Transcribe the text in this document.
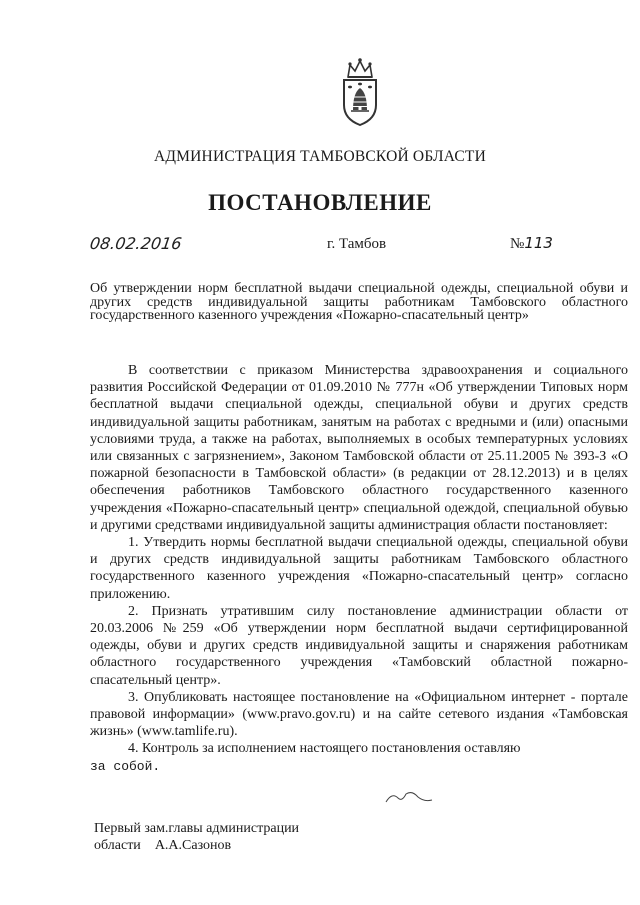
АДМИНИСТРАЦИЯ ТАМБОВСКОЙ ОБЛАСТИ
ПОСТАНОВЛЕНИЕ
08.02.2016	г. Тамбов	№113
Об утверждении норм бесплатной выдачи специальной одежды, специальной обуви и других средств индивидуальной защиты работникам Тамбовского областного государственного казенного учреждения «Пожарно-спасательный центр»

В соответствии с приказом Министерства здравоохранения и социального развития Российской Федерации от 01.09.2010 № 777н «Об утверждении Типовых норм бесплатной выдачи специальной одежды, специальной обуви и других средств индивидуальной защиты работникам, занятым на работах с вредными и (или) опасными условиями труда, а также на работах, выполняемых в особых температурных условиях или связанных с загрязнением», Законом Тамбовской области от 25.11.2005 № 393-З «О пожарной безопасности в Тамбовской области» (в редакции от 28.12.2013) и в целях обеспечения работников Тамбовского областного государственного казенного учреждения «Пожарно-спасательный центр» специальной одеждой, специальной обувью и другими средствами индивидуальной защиты администрация области постановляет:

1. Утвердить нормы бесплатной выдачи специальной одежды, специальной обуви и других средств индивидуальной защиты работникам Тамбовского областного государственного казенного учреждения «Пожарно-спасательный центр» согласно приложению.

2. Признать утратившим силу постановление администрации области от 20.03.2006 №259 «Об утверждении норм бесплатной выдачи сертифицированной одежды, обуви и других средств индивидуальной защиты и снаряжения работникам областного государственного учреждения «Тамбовский областной пожарно-спасательный центр».

3. Опубликовать настоящее постановление на «Официальном интернет - портале правовой информации» (www.pravo.gov.ru) и на сайте сетевого издания «Тамбовская жизнь» (www.tamlife.ru).

4. Контроль за исполнением настоящего постановления оставляю

за собой.

Первый зам.главы администрации
области А.А.Сазонов
